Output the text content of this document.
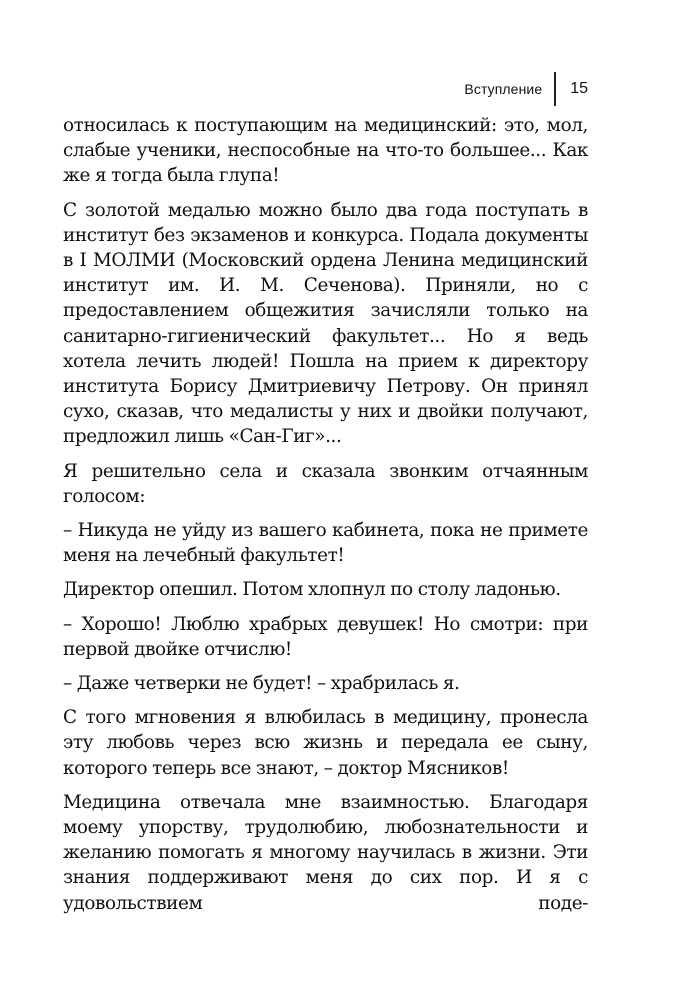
Вступление	15

относилась к поступающим на медицинский: это, мол, слабые ученики, неспособные на что-то большее... Как же я тогда была глупа!

С золотой медалью можно было два года поступать в институт без экзаменов и конкурса. Подала документы в I МОЛМИ (Московский ордена Ленина медицинский институт им. И. М. Сеченова). Приняли, но с предоставлением общежития зачисляли только на санитарно-гигиенический факультет... Но я ведь хотела лечить людей! Пошла на прием к директору института Борису Дмитриевичу Петрову. Он принял сухо, сказав, что медалисты у них и двойки получают, предложил лишь «Сан-Гиг»...

Я решительно села и сказала звонким отчаянным голосом:

– Никуда не уйду из вашего кабинета, пока не примете меня на лечебный факультет!

Директор опешил. Потом хлопнул по столу ладонью.

– Хорошо! Люблю храбрых девушек! Но смотри: при первой двойке отчислю!

– Даже четверки не будет! – храбрилась я.

С того мгновения я влюбилась в медицину, пронесла эту любовь через всю жизнь и передала ее сыну, которого теперь все знают, – доктор Мясников!

Медицина отвечала мне взаимностью. Благодаря моему упорству, трудолюбию, любознательности и желанию помогать я многому научилась в жизни. Эти знания поддерживают меня до сих пор. И я с удовольствием поде-
